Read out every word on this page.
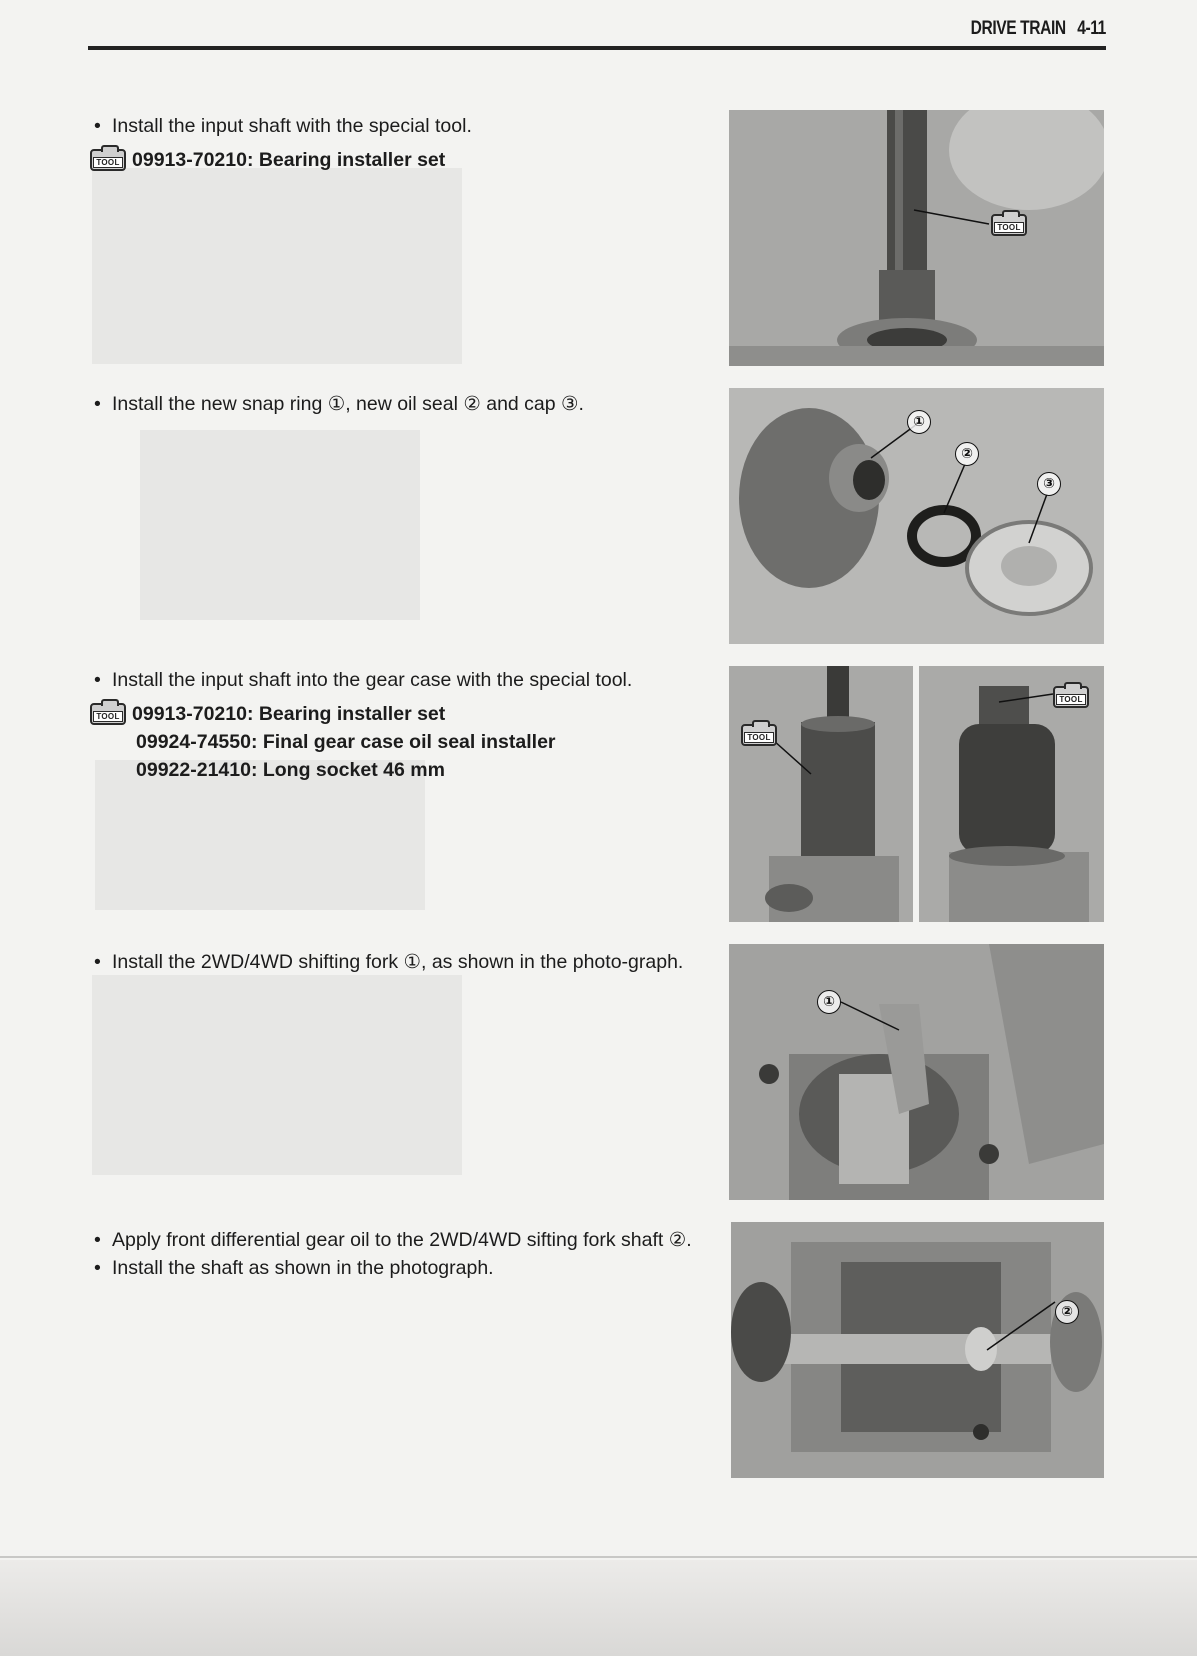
DRIVE TRAIN 4-11
• Install the input shaft with the special tool.
TOOL 09913-70210: Bearing installer set
• Install the new snap ring ①, new oil seal ② and cap ③.
• Install the input shaft into the gear case with the special tool.
TOOL 09913-70210: Bearing installer set
09924-74550: Final gear case oil seal installer
09922-21410: Long socket 46 mm
• Install the 2WD/4WD shifting fork ①, as shown in the photo-graph.
• Apply front differential gear oil to the 2WD/4WD sifting fork shaft ②.
• Install the shaft as shown in the photograph.
TOOL
①
②
③
TOOL
TOOL
①
②
